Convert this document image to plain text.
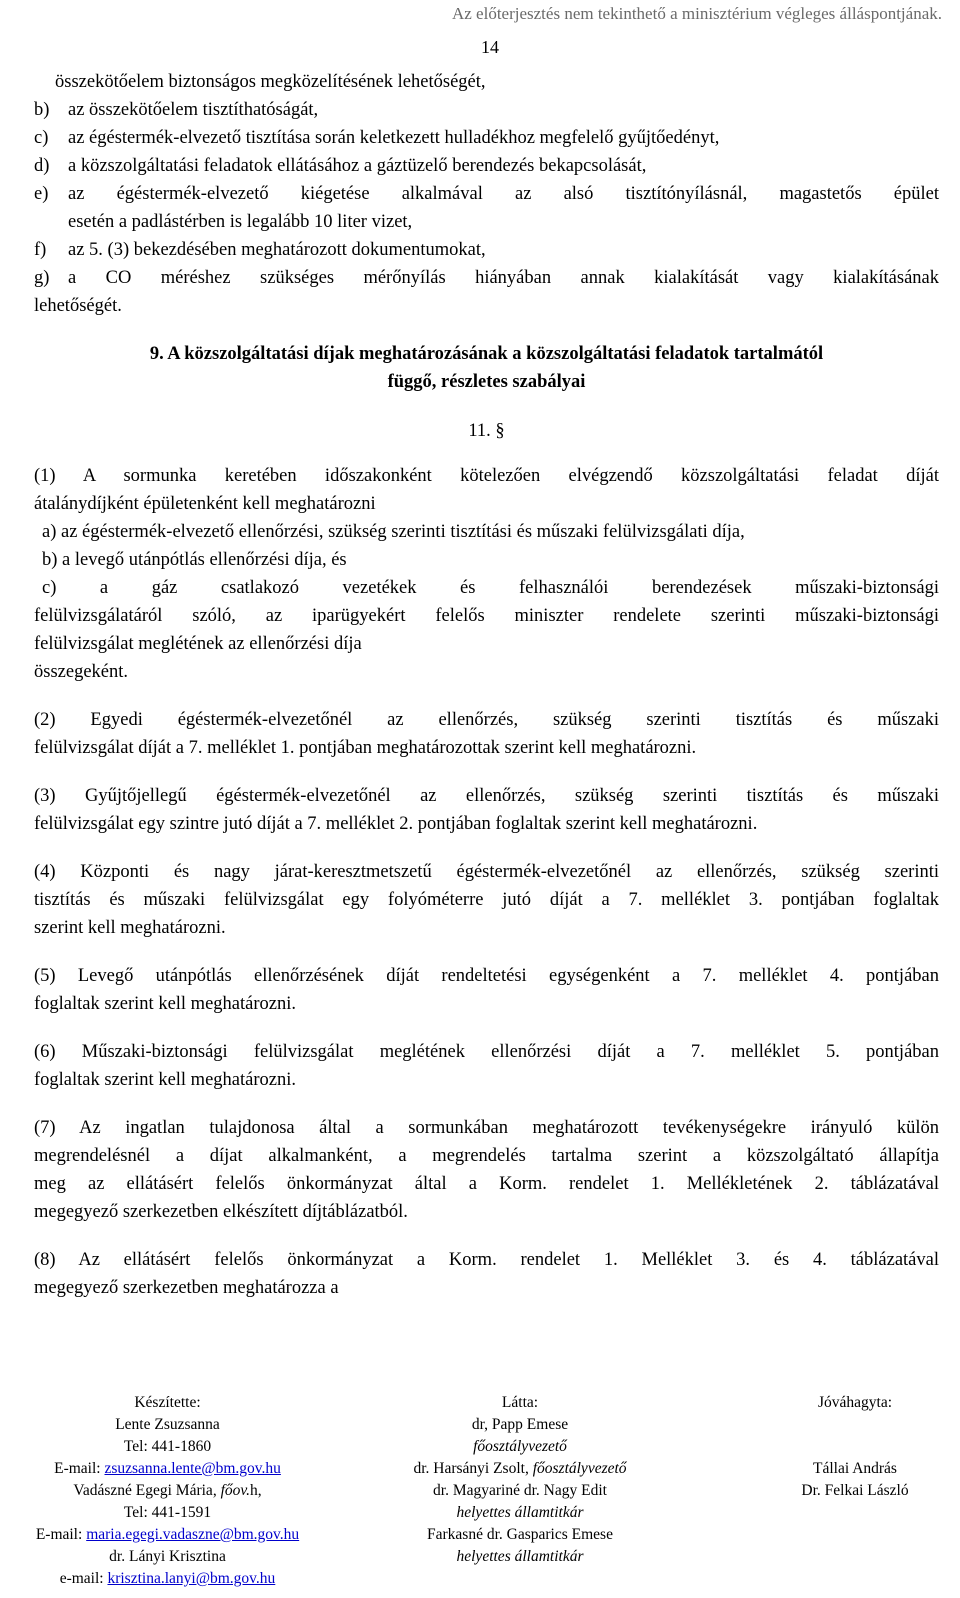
Az előterjesztés nem tekinthető a minisztérium végleges álláspontjának.
14
összekötőelem biztonságos megközelítésének lehetőségét,
b) az összekötőelem tisztíthatóságát,
c) az égéstermék-elvezető tisztítása során keletkezett hulladékhoz megfelelő gyűjtőedényt,
d) a közszolgáltatási feladatok ellátásához a gáztüzelő berendezés bekapcsolását,
e)	az égéstermék-elvezető kiégetése alkalmával az alsó tisztítónyílásnál, magastetős épület
esetén a padlástérben is legalább 10 liter vizet,
f) az 5. (3) bekezdésében meghatározott dokumentumokat,
g)	a CO méréshez szükséges mérőnyílás hiányában annak kialakítását vagy kialakításának
lehetőségét.
9. A közszolgáltatási díjak meghatározásának a közszolgáltatási feladatok tartalmától
függő, részletes szabályai
11. §
(1) A sormunka keretében időszakonként kötelezően elvégzendő közszolgáltatási feladat díját
átalánydíjként épületenként kell meghatározni
a) az égéstermék-elvezető ellenőrzési, szükség szerinti tisztítási és műszaki felülvizsgálati díja,
b) a levegő utánpótlás ellenőrzési díja, és
c) a gáz csatlakozó vezetékek és felhasználói berendezések műszaki-biztonsági
felülvizsgálatáról szóló, az iparügyekért felelős miniszter rendelete szerinti műszaki-biztonsági
felülvizsgálat meglétének az ellenőrzési díja
összegeként.
(2) Egyedi égéstermék-elvezetőnél az ellenőrzés, szükség szerinti tisztítás és műszaki
felülvizsgálat díját a 7. melléklet 1. pontjában meghatározottak szerint kell meghatározni.
(3) Gyűjtőjellegű égéstermék-elvezetőnél az ellenőrzés, szükség szerinti tisztítás és műszaki
felülvizsgálat egy szintre jutó díját a 7. melléklet 2. pontjában foglaltak szerint kell meghatározni.
(4) Központi és nagy járat-keresztmetszetű égéstermék-elvezetőnél az ellenőrzés, szükség szerinti
tisztítás és műszaki felülvizsgálat egy folyóméterre jutó díját a 7. melléklet 3. pontjában foglaltak
szerint kell meghatározni.
(5) Levegő utánpótlás ellenőrzésének díját rendeltetési egységenként a 7. melléklet 4. pontjában
foglaltak szerint kell meghatározni.
(6) Műszaki-biztonsági felülvizsgálat meglétének ellenőrzési díját a 7. melléklet 5. pontjában
foglaltak szerint kell meghatározni.
(7) Az ingatlan tulajdonosa által a sormunkában meghatározott tevékenységekre irányuló külön
megrendelésnél a díjat alkalmanként, a megrendelés tartalma szerint a közszolgáltató állapítja
meg az ellátásért felelős önkormányzat által a Korm. rendelet 1. Mellékletének 2. táblázatával
megegyező szerkezetben elkészített díjtáblázatból.
(8) Az ellátásért felelős önkormányzat a Korm. rendelet 1. Melléklet 3. és 4. táblázatával
megegyező szerkezetben meghatározza a
Készítette:
Lente Zsuzsanna
Tel: 441-1860
E-mail: zsuzsanna.lente@bm.gov.hu
Vadászné Egegi Mária, főov.h,
Tel: 441-1591
E-mail: maria.egegi.vadaszne@bm.gov.hu
dr. Lányi Krisztina
e-mail: krisztina.lanyi@bm.gov.hu
Látta:
dr, Papp Emese
főosztályvezető
dr. Harsányi Zsolt, főosztályvezető
dr. Magyariné dr. Nagy Edit
helyettes államtitkár
Farkasné dr. Gasparics Emese
helyettes államtitkár
Jóváhagyta:
Tállai András
Dr. Felkai László
